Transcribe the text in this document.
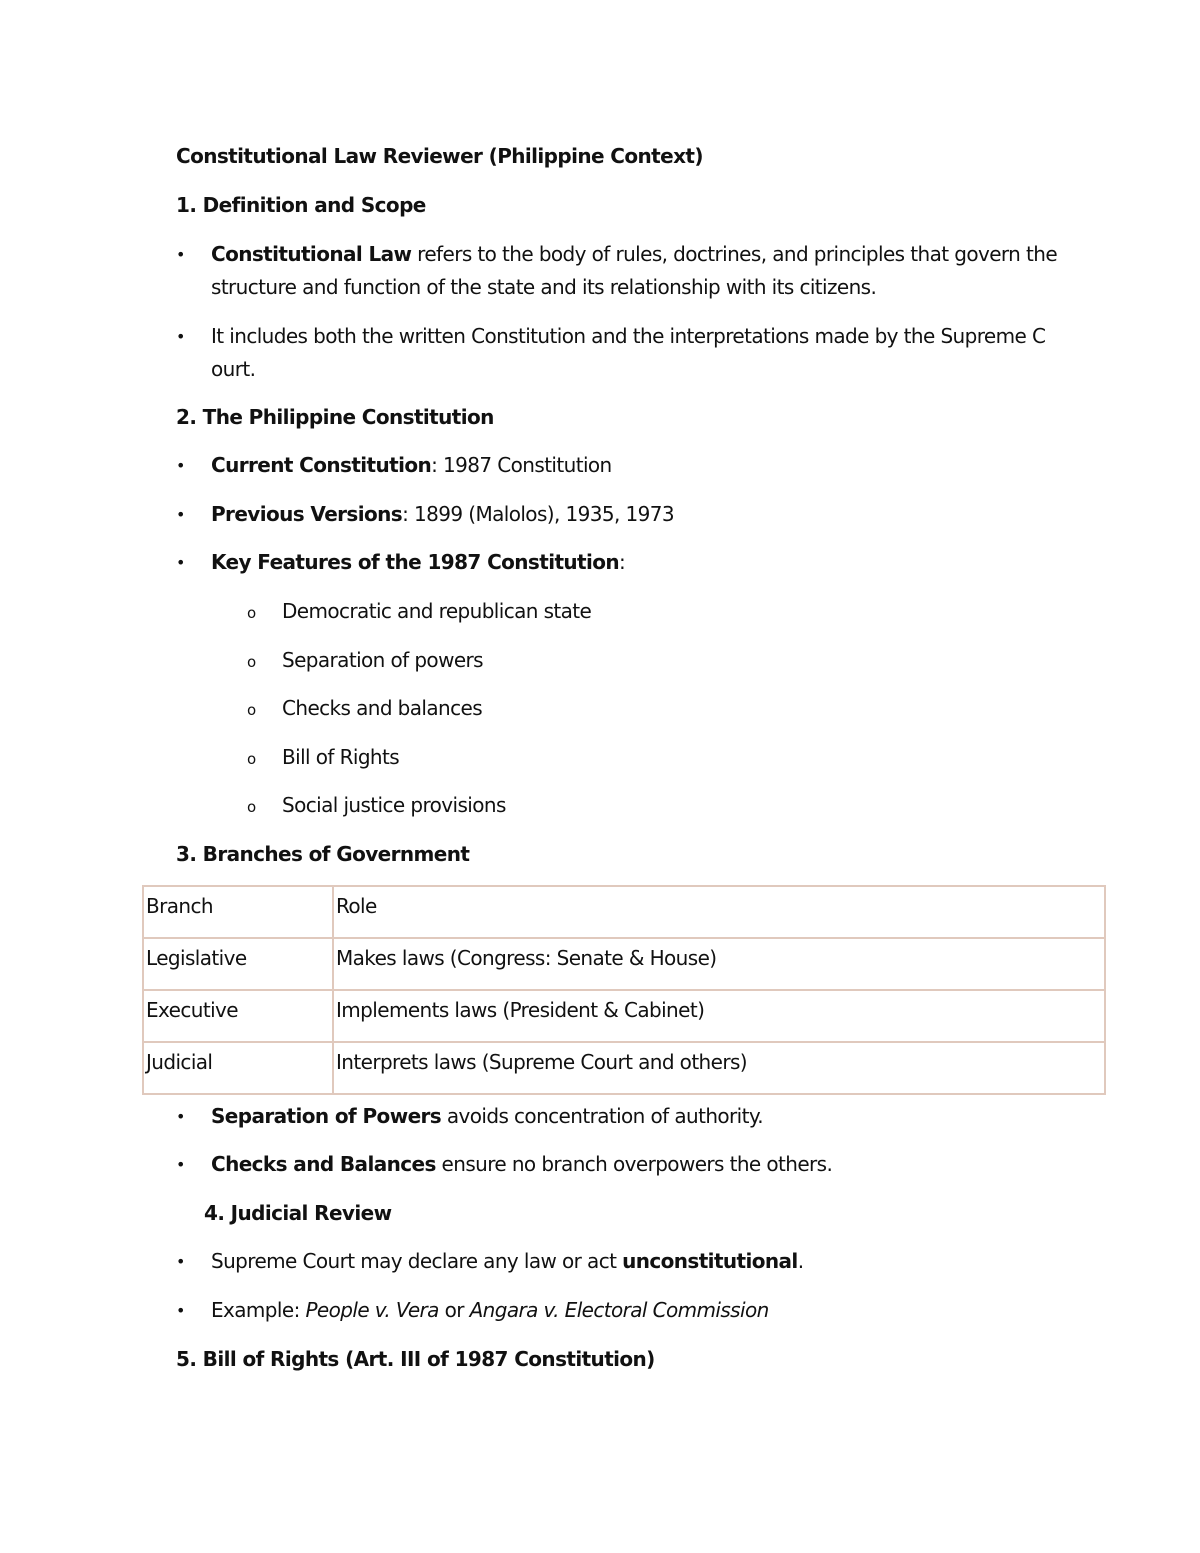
Constitutional Law Reviewer (Philippine Context)
1. Definition and Scope
• Constitutional Law refers to the body of rules, doctrines, and principles that govern the
structure and function of the state and its relationship with its citizens.
• It includes both the written Constitution and the interpretations made by the Supreme C
ourt.
2. The Philippine Constitution
• Current Constitution: 1987 Constitution
• Previous Versions: 1899 (Malolos), 1935, 1973
• Key Features of the 1987 Constitution:
o Democratic and republican state
o Separation of powers
o Checks and balances
o Bill of Rights
o Social justice provisions
3. Branches of Government
Branch	Role
Legislative	Makes laws (Congress: Senate & House)
Executive	Implements laws (President & Cabinet)
Judicial	Interprets laws (Supreme Court and others)
• Separation of Powers avoids concentration of authority.
• Checks and Balances ensure no branch overpowers the others.
4. Judicial Review
• Supreme Court may declare any law or act unconstitutional.
• Example: People v. Vera or Angara v. Electoral Commission
5. Bill of Rights (Art. III of 1987 Constitution)
